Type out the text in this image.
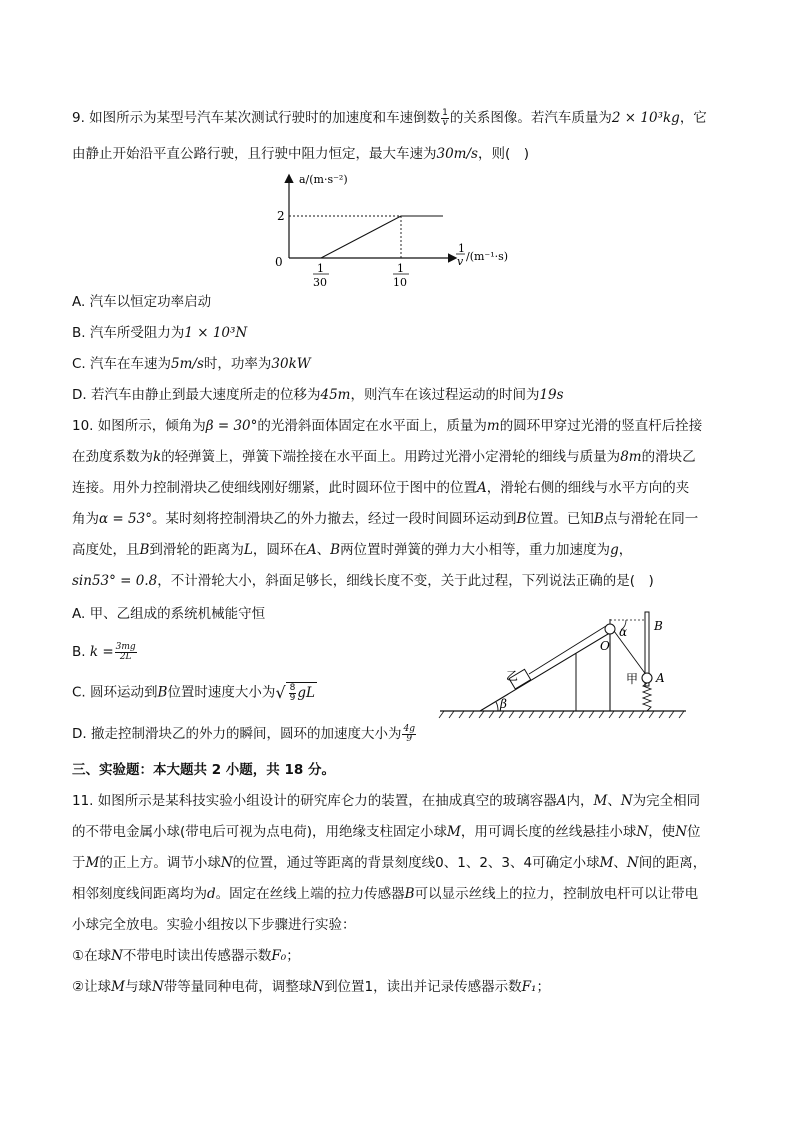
9. 如图所示为某型号汽车某次测试行驶时的加速度和车速倒数 $\frac{1}{v}$ 的关系图像。若汽车质量为2 × 10³kg，它
由静止开始沿平直公路行驶，且行驶中阻力恒定，最大车速为30m/s，则(　)
a/(m·s⁻²)
0
2
1
30
1
10
1
v /(m⁻¹·s)
A. 汽车以恒定功率启动
B. 汽车所受阻力为1 × 10³N
C. 汽车在车速为5m/s时，功率为30kW
D. 若汽车由静止到最大速度所走的位移为45m，则汽车在该过程运动的时间为19s
10. 如图所示，倾角为β = 30°的光滑斜面体固定在水平面上，质量为m的圆环甲穿过光滑的竖直杆后拴接
在劲度系数为k的轻弹簧上，弹簧下端拴接在水平面上。用跨过光滑小定滑轮的细线与质量为8m的滑块乙
连接。用外力控制滑块乙使细线刚好绷紧，此时圆环位于图中的位置A，滑轮右侧的细线与水平方向的夹
角为α = 53°。某时刻将控制滑块乙的外力撤去，经过一段时间圆环运动到B位置。已知B点与滑轮在同一
高度处，且B到滑轮的距离为L，圆环在A、B两位置时弹簧的弹力大小相等，重力加速度为g，
sin53° = 0.8，不计滑轮大小，斜面足够长，细线长度不变，关于此过程，下列说法正确的是(　)
A. 甲、乙组成的系统机械能守恒
B. $k = \frac{3mg}{2L}$
C. 圆环运动到B位置时速度大小为 √ $\frac{8}{9}$ gL
D. 撤走控制滑块乙的外力的瞬间，圆环的加速度大小为 $\frac{4g}{9}$
β
乙
O
α B
甲 A
三、实验题：本大题共 2 小题，共 18 分。
11. 如图所示是某科技实验小组设计的研究库仑力的装置，在抽成真空的玻璃容器A内，M、N为完全相同
的不带电金属小球(带电后可视为点电荷)，用绝缘支柱固定小球M，用可调长度的丝线悬挂小球N，使N位
于M的正上方。调节小球N的位置，通过等距离的背景刻度线0、1、2、3、4可确定小球M、N间的距离，
相邻刻度线间距离均为d。固定在丝线上端的拉力传感器B可以显示丝线上的拉力，控制放电杆可以让带电
小球完全放电。实验小组按以下步骤进行实验：
①在球N不带电时读出传感器示数F₀；
②让球M与球N带等量同种电荷，调整球N到位置1，读出并记录传感器示数F₁；
